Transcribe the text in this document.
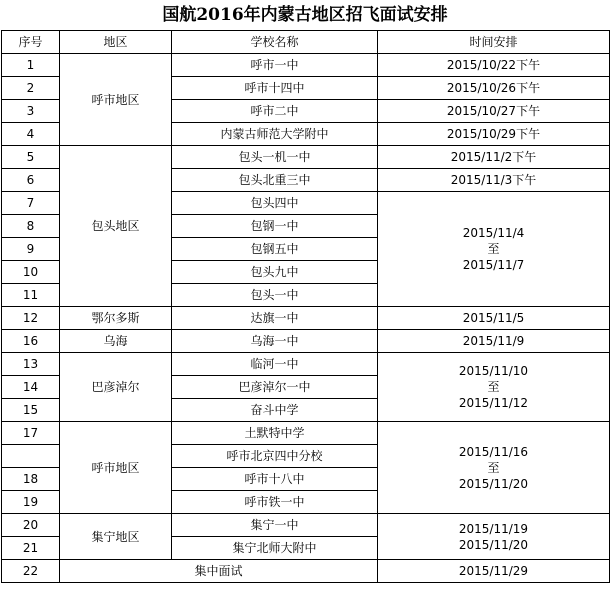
国航2016年内蒙古地区招飞面试安排
序号	地区	学校名称	时间安排
1	呼市地区	呼市一中	2015/10/22下午
2		呼市十四中	2015/10/26下午
3		呼市二中	2015/10/27下午
4		内蒙古师范大学附中	2015/10/29下午
5	包头地区	包头一机一中	2015/11/2下午
6		包头北重三中	2015/11/3下午
7		包头四中	2015/11/4
至
2015/11/7

8		包钢一中	
9		包钢五中	
10		包头九中	
11		包头一中	
12	鄂尔多斯	达旗一中	2015/11/5
16	乌海	乌海一中	2015/11/9
13	巴彦淖尔	临河一中	2015/11/10
至
2015/11/12

14		巴彦淖尔一中	
15		奋斗中学	
17	呼市地区	土默特中学	2015/11/16
至
2015/11/20

		呼市北京四中分校	
18		呼市十八中	
19		呼市铁一中	
20	集宁地区	集宁一中	2015/11/19
2015/11/20

21		集宁北师大附中	
22	集中面试		2015/11/29
